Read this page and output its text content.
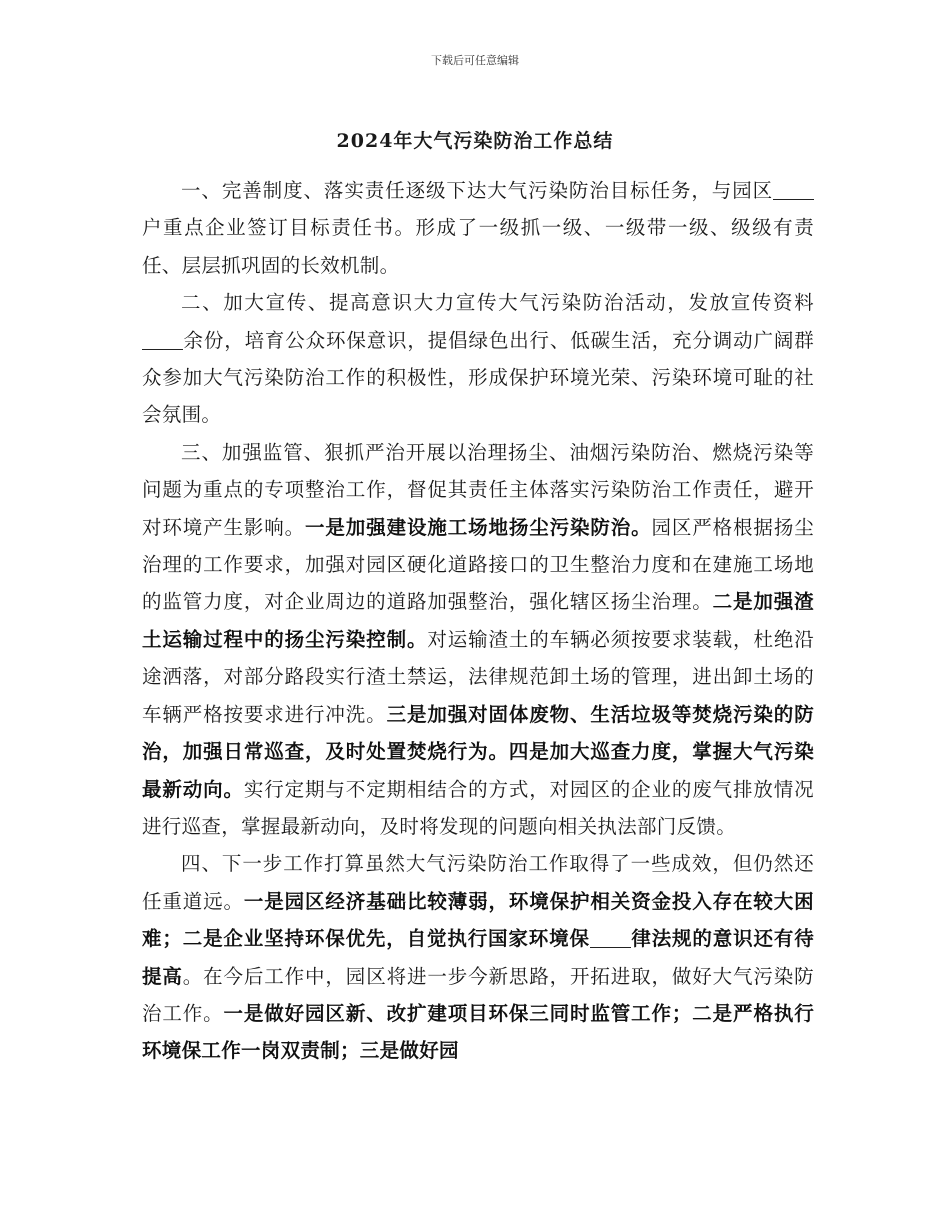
下载后可任意编辑
2024年大气污染防治工作总结

一、完善制度、落实责任逐级下达大气污染防治目标任务，与园区户重点企业签订目标责任书。形成了一级抓一级、一级带一级、级级有责任、层层抓巩固的长效机制。

二、加大宣传、提高意识大力宣传大气污染防治活动，发放宣传资料余份，培育公众环保意识，提倡绿色出行、低碳生活，充分调动广阔群众参加大气污染防治工作的积极性，形成保护环境光荣、污染环境可耻的社会氛围。

三、加强监管、狠抓严治开展以治理扬尘、油烟污染防治、燃烧污染等问题为重点的专项整治工作，督促其责任主体落实污染防治工作责任，避开对环境产生影响。一是加强建设施工场地扬尘污染防治。园区严格根据扬尘治理的工作要求，加强对园区硬化道路接口的卫生整治力度和在建施工场地的监管力度，对企业周边的道路加强整治，强化辖区扬尘治理。二是加强渣土运输过程中的扬尘污染控制。对运输渣土的车辆必须按要求装载，杜绝沿途洒落，对部分路段实行渣土禁运，法律规范卸土场的管理，进出卸土场的车辆严格按要求进行冲洗。三是加强对固体废物、生活垃圾等焚烧污染的防治，加强日常巡查，及时处置焚烧行为。四是加大巡查力度，掌握大气污染最新动向。实行定期与不定期相结合的方式，对园区的企业的废气排放情况进行巡查，掌握最新动向，及时将发现的问题向相关执法部门反馈。

四、下一步工作打算虽然大气污染防治工作取得了一些成效，但仍然还任重道远。一是园区经济基础比较薄弱，环境保护相关资金投入存在较大困难；二是企业坚持环保优先，自觉执行国家环境保 律法规的意识还有待提高。在今后工作中，园区将进一步今新思路，开拓进取，做好大气污染防治工作。一是做好园区新、改扩建项目环保三同时监管工作；二是严格执行环境保工作一岗双责制；三是做好园
